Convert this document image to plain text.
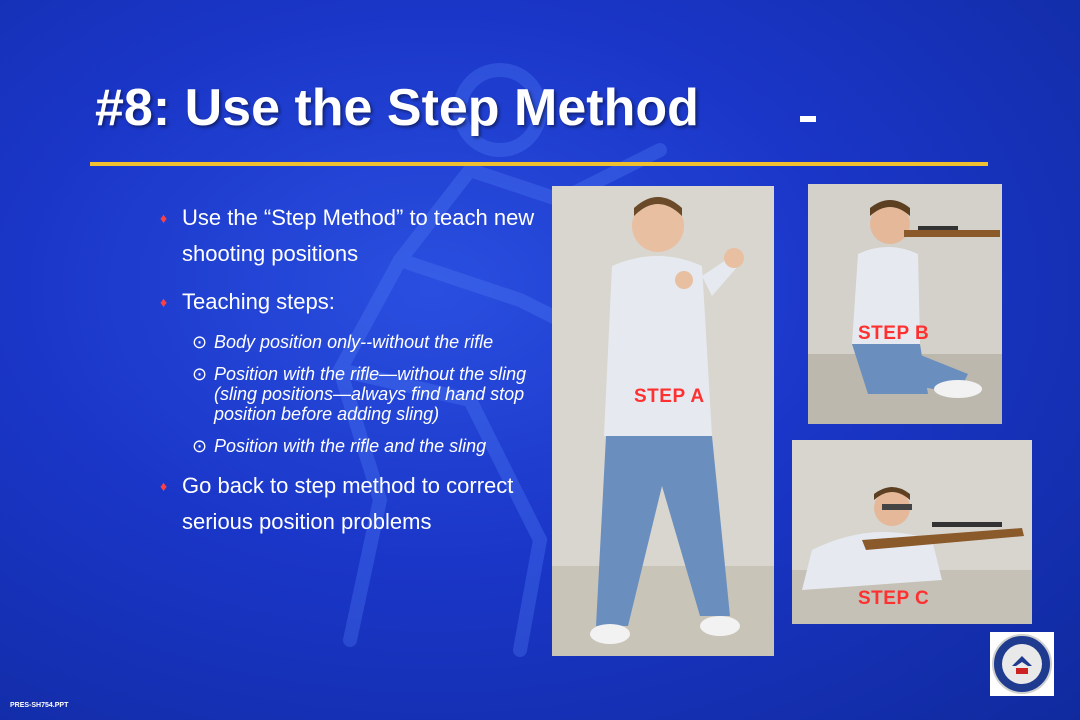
#8: Use the Step Method
♦ Use the “Step Method” to teach new shooting positions
♦ Teaching steps:
⊙ Body position only--without the rifle
⊙ Position with the rifle—without the sling (sling positions—always find hand stop position before adding sling)
⊙ Position with the rifle and the sling
♦ Go back to step method to correct serious position problems
STEP A
STEP B
STEP C
PRES-SH754.PPT
